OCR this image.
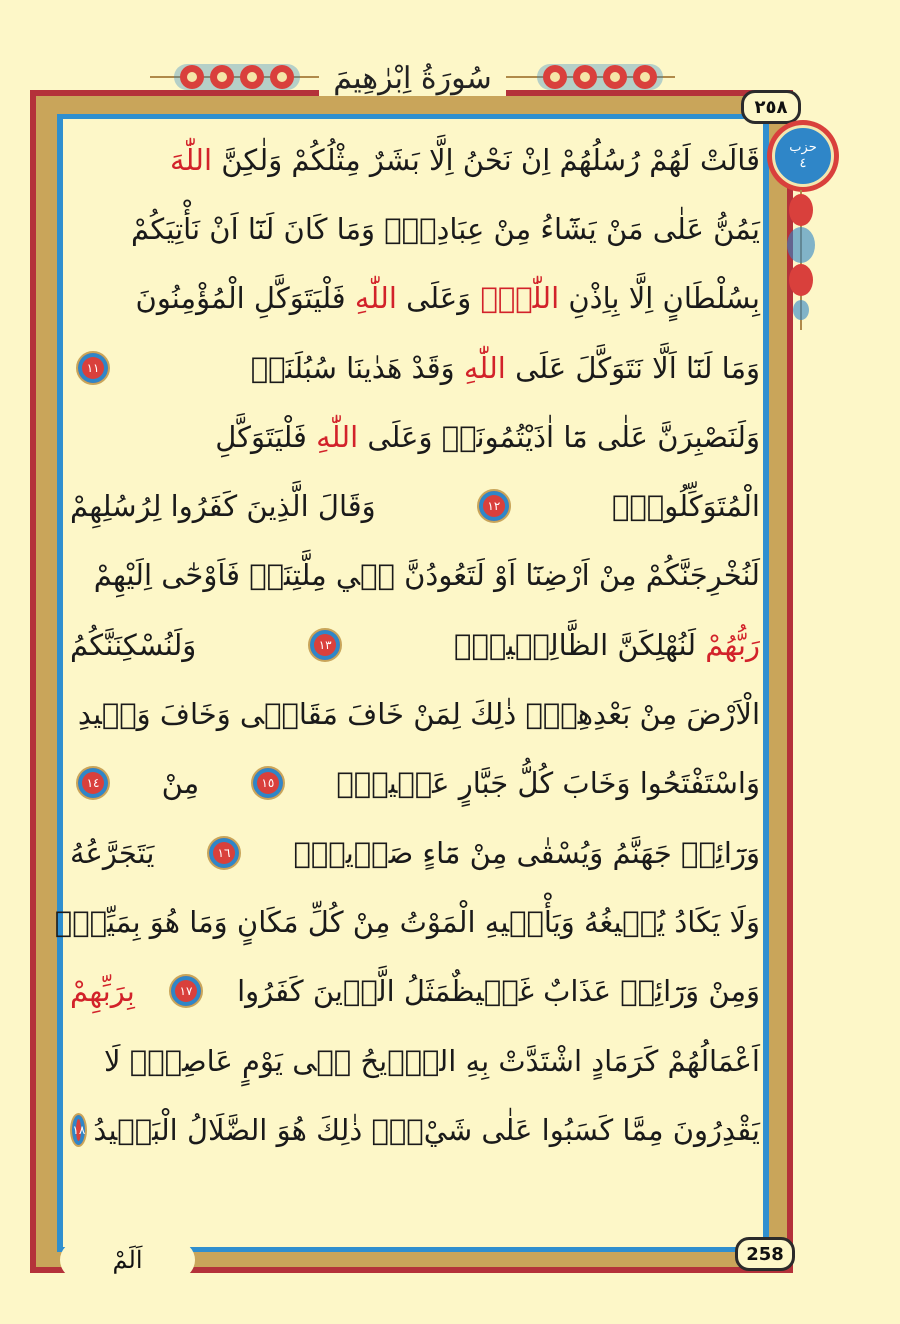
سُورَةُ اِبْرٰهِيمَ
٢٥٨
حزب
٤
قَالَتْ لَهُمْ رُسُلُهُمْ اِنْ نَحْنُ اِلَّا بَشَرٌ مِثْلُكُمْ وَلٰكِنَّ اللّٰهَ
يَمُنُّ عَلٰى مَنْ يَشَٓاءُ مِنْ عِبَادِهٖۜ وَمَا كَانَ لَنَٓا اَنْ نَأْتِيَكُمْ
بِسُلْطَانٍ اِلَّا بِاِذْنِ اللّٰهِۜ وَعَلَى اللّٰهِ فَلْيَتَوَكَّلِ الْمُؤْمِنُونَ
وَمَا لَنَٓا اَلَّا نَتَوَكَّلَ عَلَى اللّٰهِ وَقَدْ هَدٰينَا سُبُلَنَاۜ
١١
وَلَنَصْبِرَنَّ عَلٰى مَٓا اٰذَيْتُمُونَاۜ وَعَلَى اللّٰهِ فَلْيَتَوَكَّلِ
الْمُتَوَكِّلُونَ۟
١٢
وَقَالَ الَّذِينَ كَفَرُوا لِرُسُلِهِمْ
لَنُخْرِجَنَّكُمْ مِنْ اَرْضِنَٓا اَوْ لَتَعُودُنَّ فٖي مِلَّتِنَاۜ فَاَوْحٰٓى اِلَيْهِمْ
رَبُّهُمْ لَنُهْلِكَنَّ الظَّالِمٖينَۙ
١٣
وَلَنُسْكِنَنَّكُمُ
الْاَرْضَ مِنْ بَعْدِهِمْۜ ذٰلِكَ لِمَنْ خَافَ مَقَامٖى وَخَافَ وَعٖيدِ
وَاسْتَفْتَحُوا وَخَابَ كُلُّ جَبَّارٍ عَنٖيدٍۙ
١٥
مِنْ
١٤
وَرَٓائِهٖ جَهَنَّمُ وَيُسْقٰى مِنْ مَٓاءٍ صَدٖيدٍۙ
١٦
يَتَجَرَّعُهُ
وَلَا يَكَادُ يُسٖيغُهُ وَيَأْتٖيهِ الْمَوْتُ مِنْ كُلِّ مَكَانٍ وَمَا هُوَ بِمَيِّتٍۜ
وَمِنْ وَرَٓائِهٖ عَذَابٌ غَلٖيظٌمَثَلُ الَّذٖينَ كَفَرُوا
١٧
بِرَبِّهِمْ
اَعْمَالُهُمْ كَرَمَادٍ اشْتَدَّتْ بِهِ الرّٖيحُ فٖى يَوْمٍ عَاصِفٍۜ لَا
يَقْدِرُونَ مِمَّا كَسَبُوا عَلٰى شَيْءٍۜ ذٰلِكَ هُوَ الضَّلَالُ الْبَعٖيدُ
١٨
258
اَلَمْ
